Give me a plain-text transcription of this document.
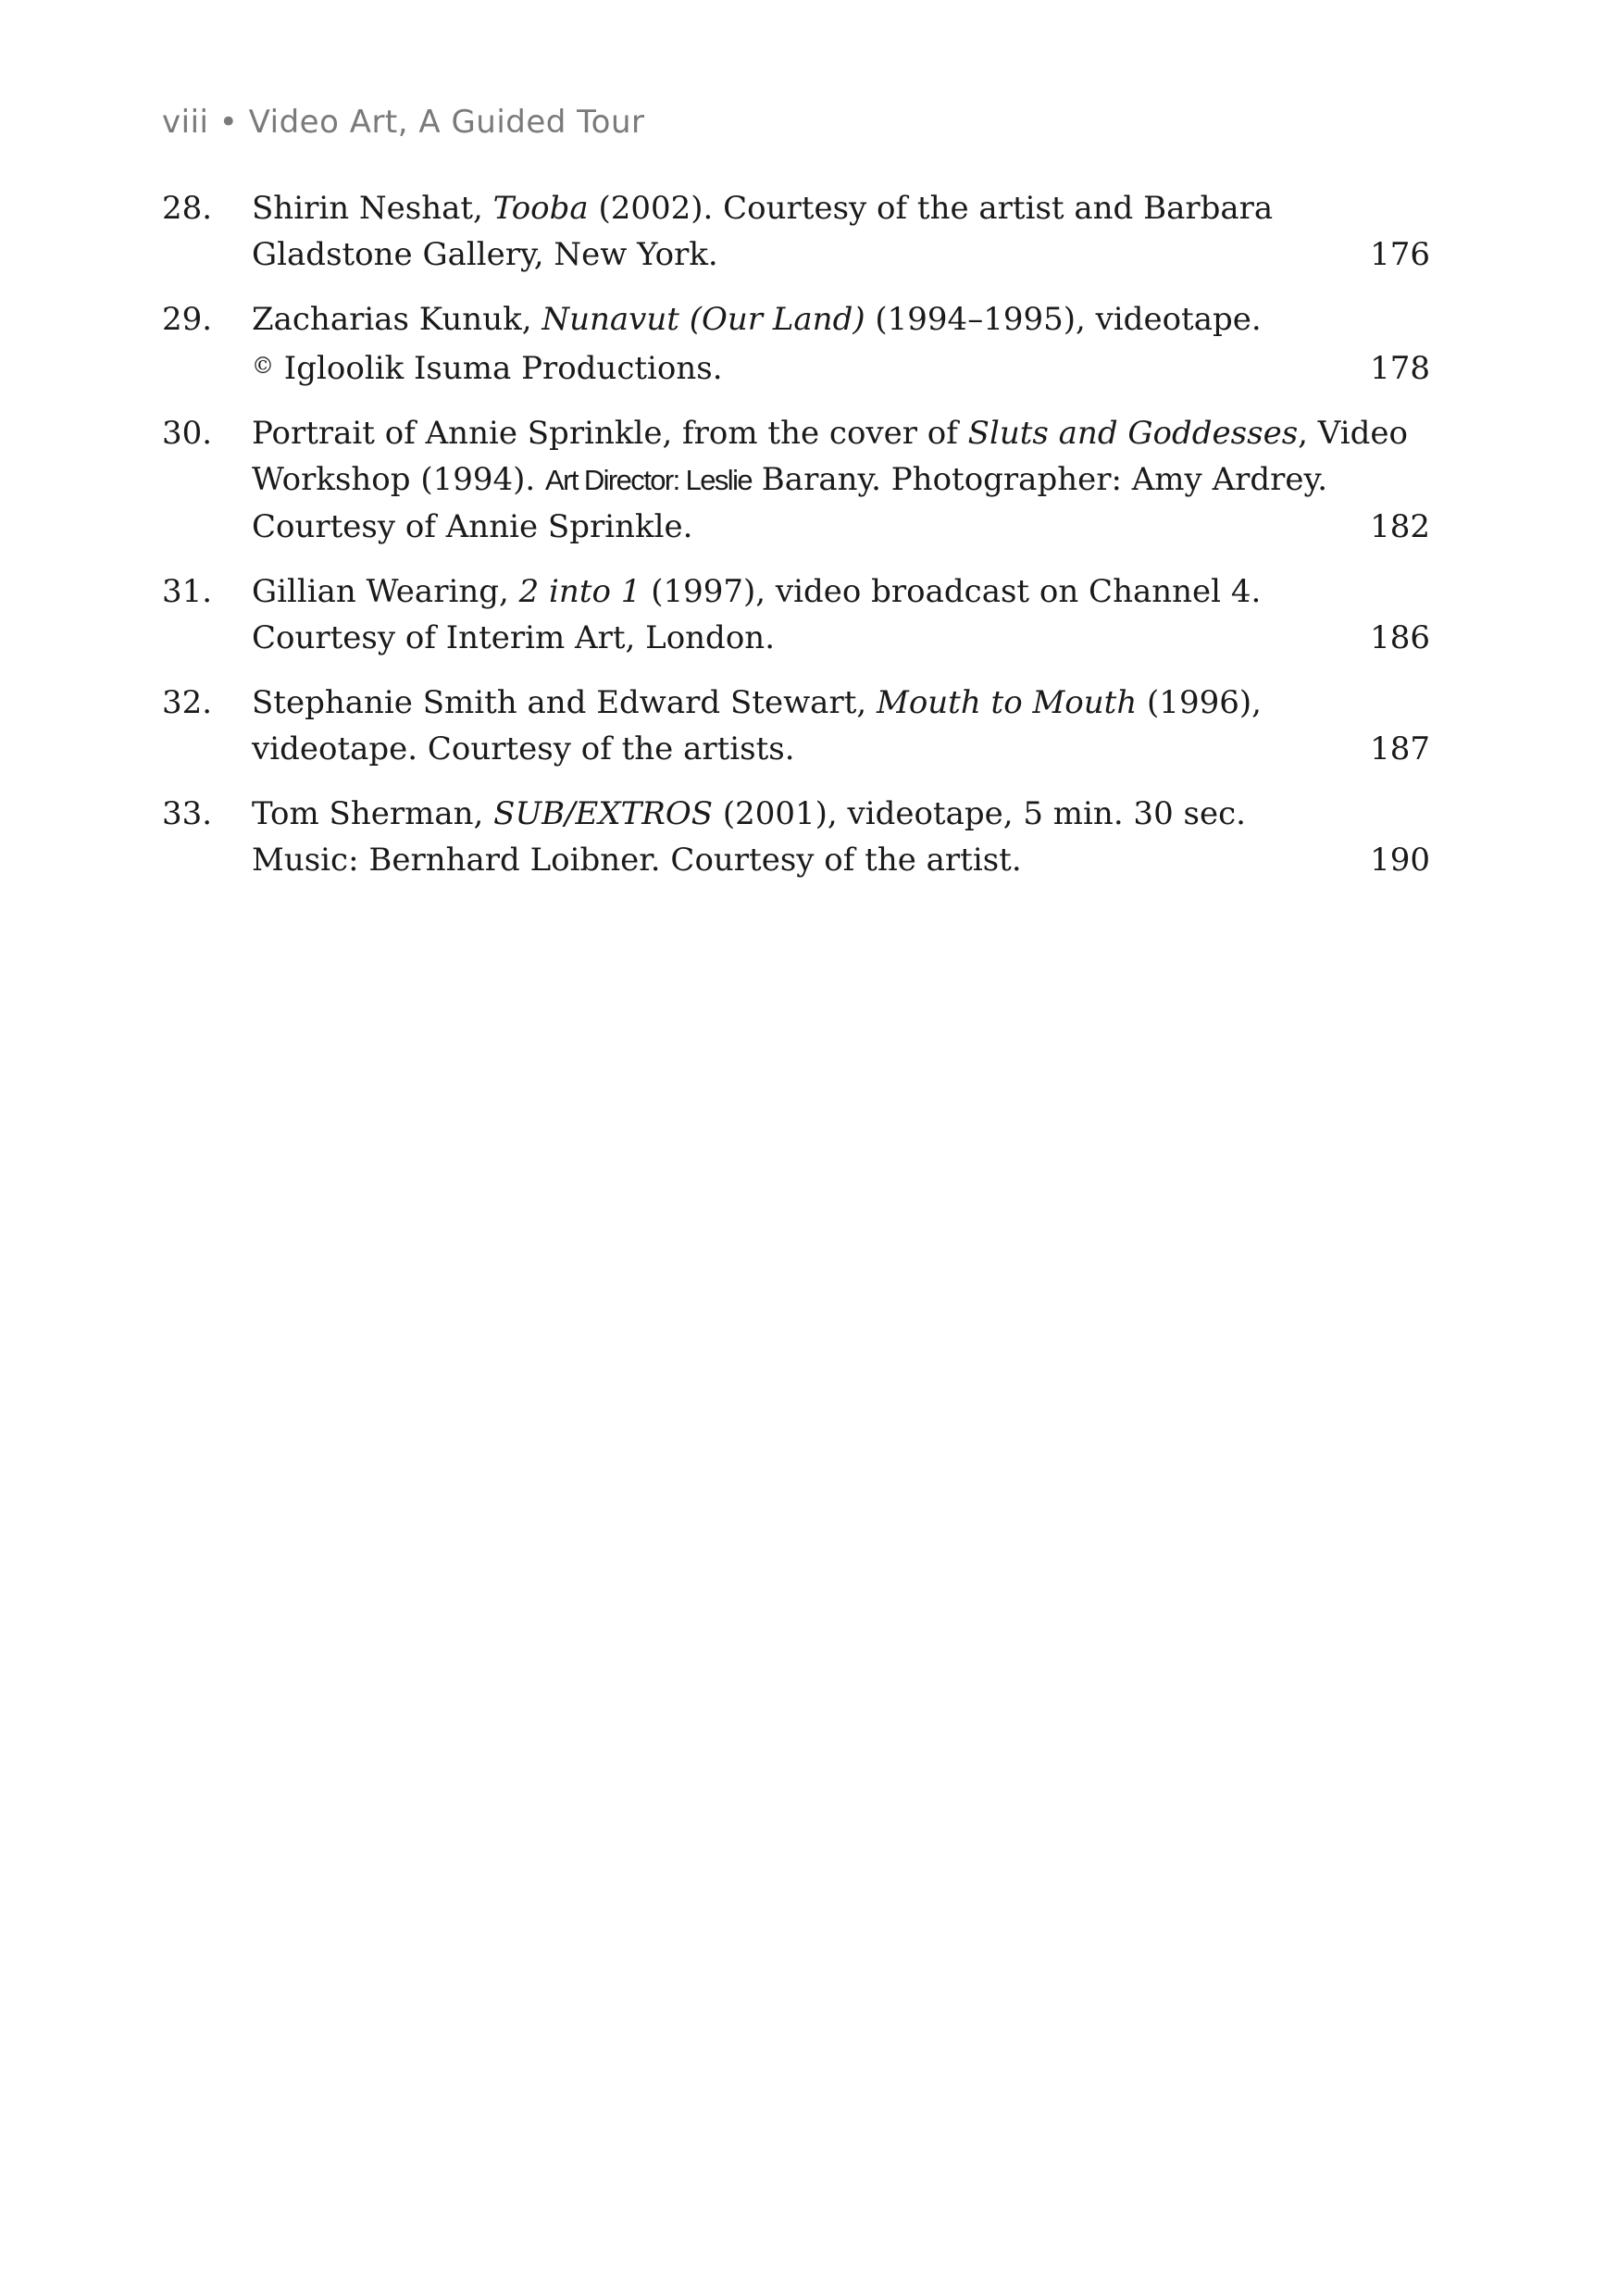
viii • Video Art, A Guided Tour
28.	Shirin Neshat, Tooba (2002). Courtesy of the artist and Barbara
Gladstone Gallery, New York.	176
29.	Zacharias Kunuk, Nunavut (Our Land) (1994–1995), videotape.
© Igloolik Isuma Productions.	178
30.	Portrait of Annie Sprinkle, from the cover of Sluts and Goddesses, Video
Workshop (1994). Art Director: Leslie Barany. Photographer: Amy Ardrey.
Courtesy of Annie Sprinkle.	182
31.	Gillian Wearing, 2 into 1 (1997), video broadcast on Channel 4.
Courtesy of Interim Art, London.	186
32.	Stephanie Smith and Edward Stewart, Mouth to Mouth (1996),
videotape. Courtesy of the artists.	187
33.	Tom Sherman, SUB/EXTROS (2001), videotape, 5 min. 30 sec.
Music: Bernhard Loibner. Courtesy of the artist.	190
